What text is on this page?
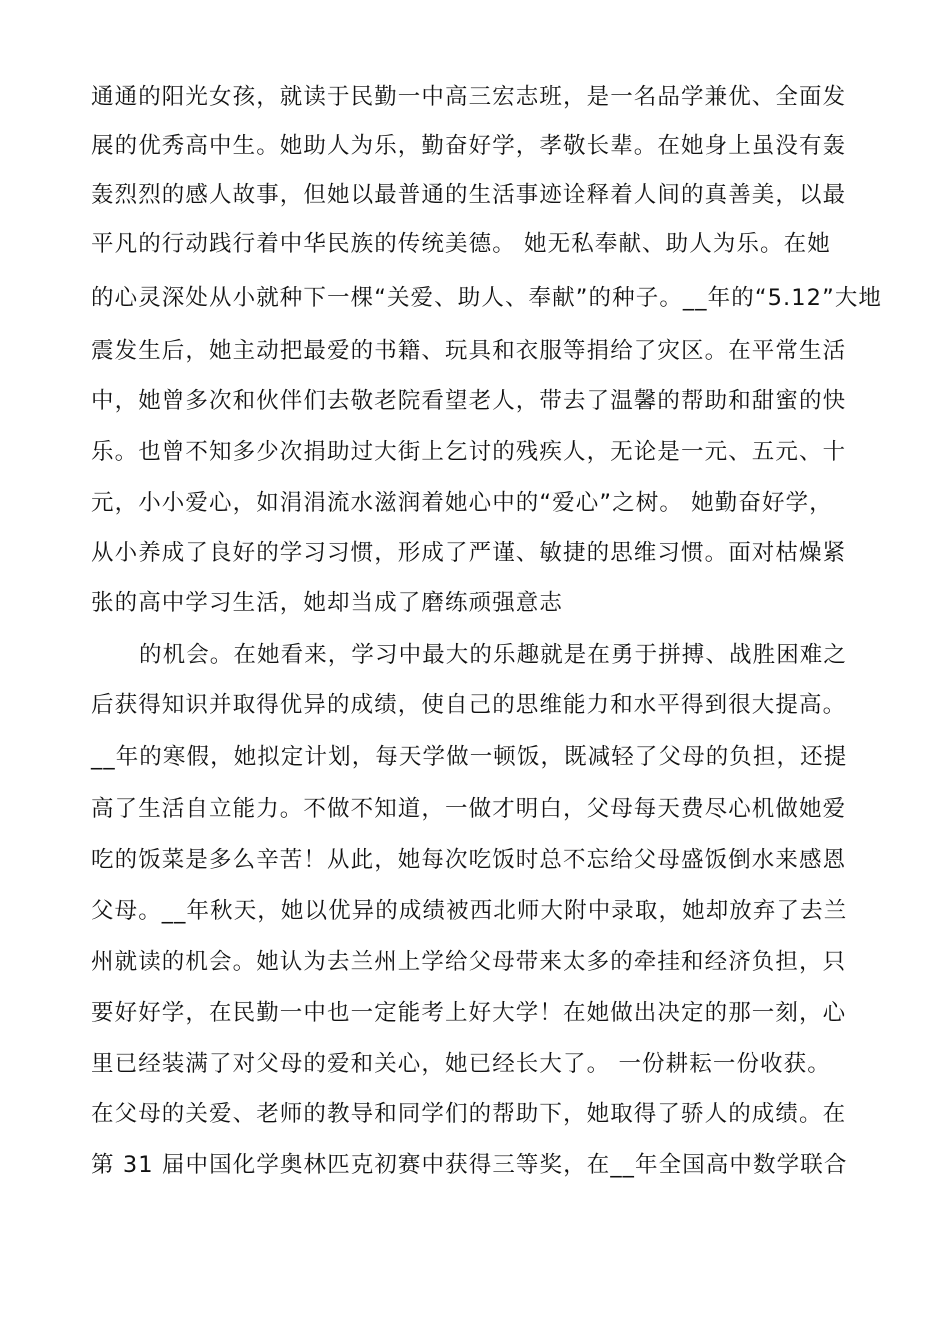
通通的阳光女孩，就读于民勤一中高三宏志班，是一名品学兼优、全面发
展的优秀高中生。她助人为乐，勤奋好学，孝敬长辈。在她身上虽没有轰
轰烈烈的感人故事，但她以最普通的生活事迹诠释着人间的真善美，以最
平凡的行动践行着中华民族的传统美德。 她无私奉献、助人为乐。在她
的心灵深处从小就种下一棵“关爱、助人、奉献”的种子。__年的“5.12”大地
震发生后，她主动把最爱的书籍、玩具和衣服等捐给了灾区。在平常生活
中，她曾多次和伙伴们去敬老院看望老人，带去了温馨的帮助和甜蜜的快
乐。也曾不知多少次捐助过大街上乞讨的残疾人，无论是一元、五元、十
元，小小爱心，如涓涓流水滋润着她心中的“爱心”之树。 她勤奋好学，
从小养成了良好的学习习惯，形成了严谨、敏捷的思维习惯。面对枯燥紧
张的高中学习生活，她却当成了磨练顽强意志
的机会。在她看来，学习中最大的乐趣就是在勇于拼搏、战胜困难之
后获得知识并取得优异的成绩，使自己的思维能力和水平得到很大提高。
__年的寒假，她拟定计划，每天学做一顿饭，既减轻了父母的负担，还提
高了生活自立能力。不做不知道，一做才明白，父母每天费尽心机做她爱
吃的饭菜是多么辛苦！从此，她每次吃饭时总不忘给父母盛饭倒水来感恩
父母。__年秋天，她以优异的成绩被西北师大附中录取，她却放弃了去兰
州就读的机会。她认为去兰州上学给父母带来太多的牵挂和经济负担，只
要好好学，在民勤一中也一定能考上好大学！在她做出决定的那一刻，心
里已经装满了对父母的爱和关心，她已经长大了。 一份耕耘一份收获。
在父母的关爱、老师的教导和同学们的帮助下，她取得了骄人的成绩。在
第 31 届中国化学奥林匹克初赛中获得三等奖，在__年全国高中数学联合
